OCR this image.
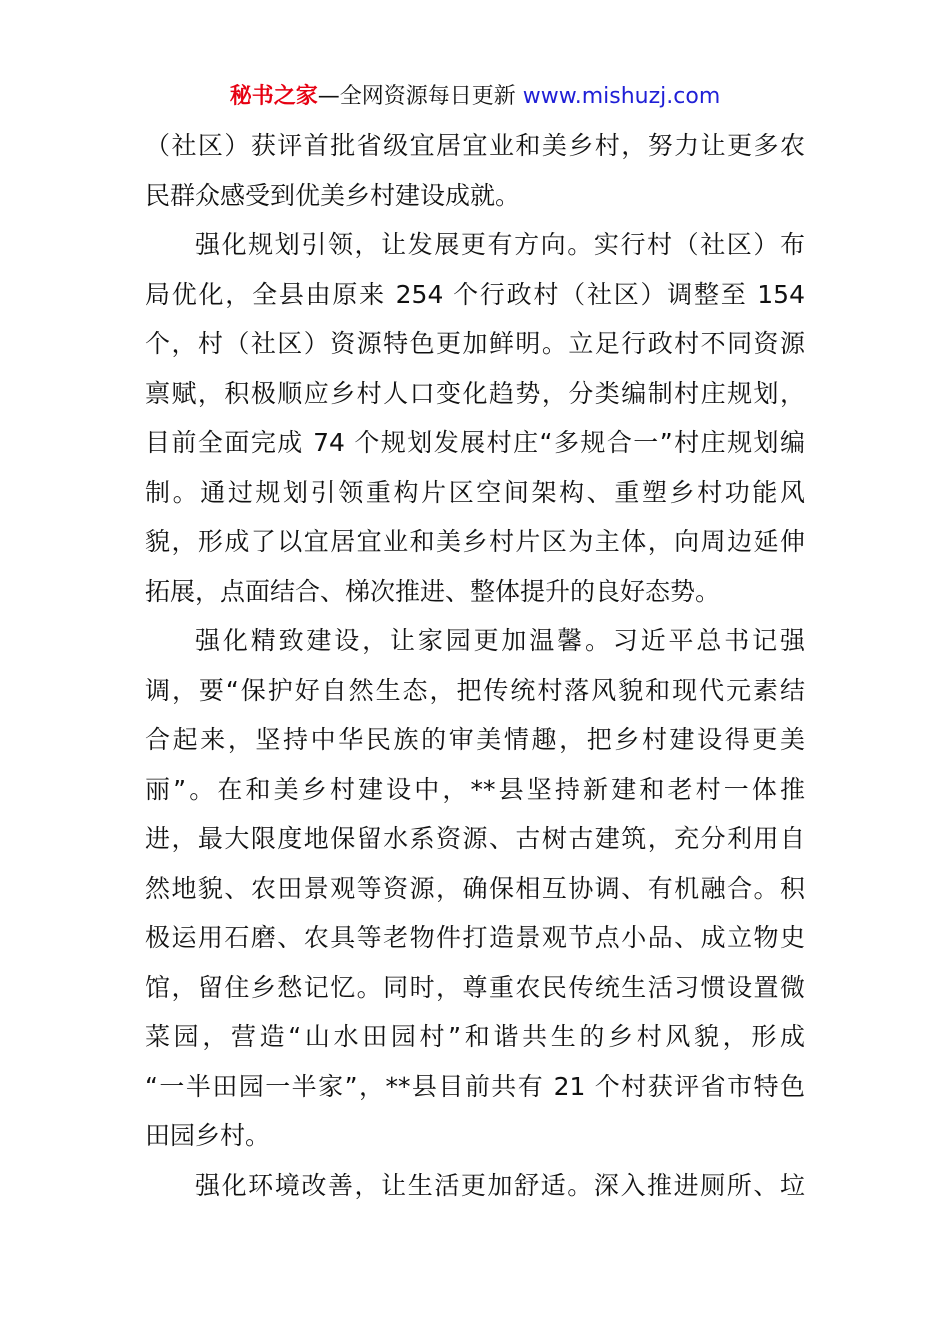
秘书之家—全网资源每日更新 www.mishuzj.com
（社区）获评首批省级宜居宜业和美乡村，努力让更多农
民群众感受到优美乡村建设成就。
强化规划引领，让发展更有方向。实行村（社区）布
局优化，全县由原来 254 个行政村（社区）调整至 154
个，村（社区）资源特色更加鲜明。立足行政村不同资源
禀赋，积极顺应乡村人口变化趋势，分类编制村庄规划，
目前全面完成 74 个规划发展村庄“多规合一”村庄规划编
制。通过规划引领重构片区空间架构、重塑乡村功能风
貌，形成了以宜居宜业和美乡村片区为主体，向周边延伸
拓展，点面结合、梯次推进、整体提升的良好态势。
强化精致建设，让家园更加温馨。习近平总书记强
调，要“保护好自然生态，把传统村落风貌和现代元素结
合起来，坚持中华民族的审美情趣，把乡村建设得更美
丽”。在和美乡村建设中，**县坚持新建和老村一体推
进，最大限度地保留水系资源、古树古建筑，充分利用自
然地貌、农田景观等资源，确保相互协调、有机融合。积
极运用石磨、农具等老物件打造景观节点小品、成立物史
馆，留住乡愁记忆。同时，尊重农民传统生活习惯设置微
菜园，营造“山水田园村”和谐共生的乡村风貌，形成
“一半田园一半家”，**县目前共有 21 个村获评省市特色
田园乡村。
强化环境改善，让生活更加舒适。深入推进厕所、垃
